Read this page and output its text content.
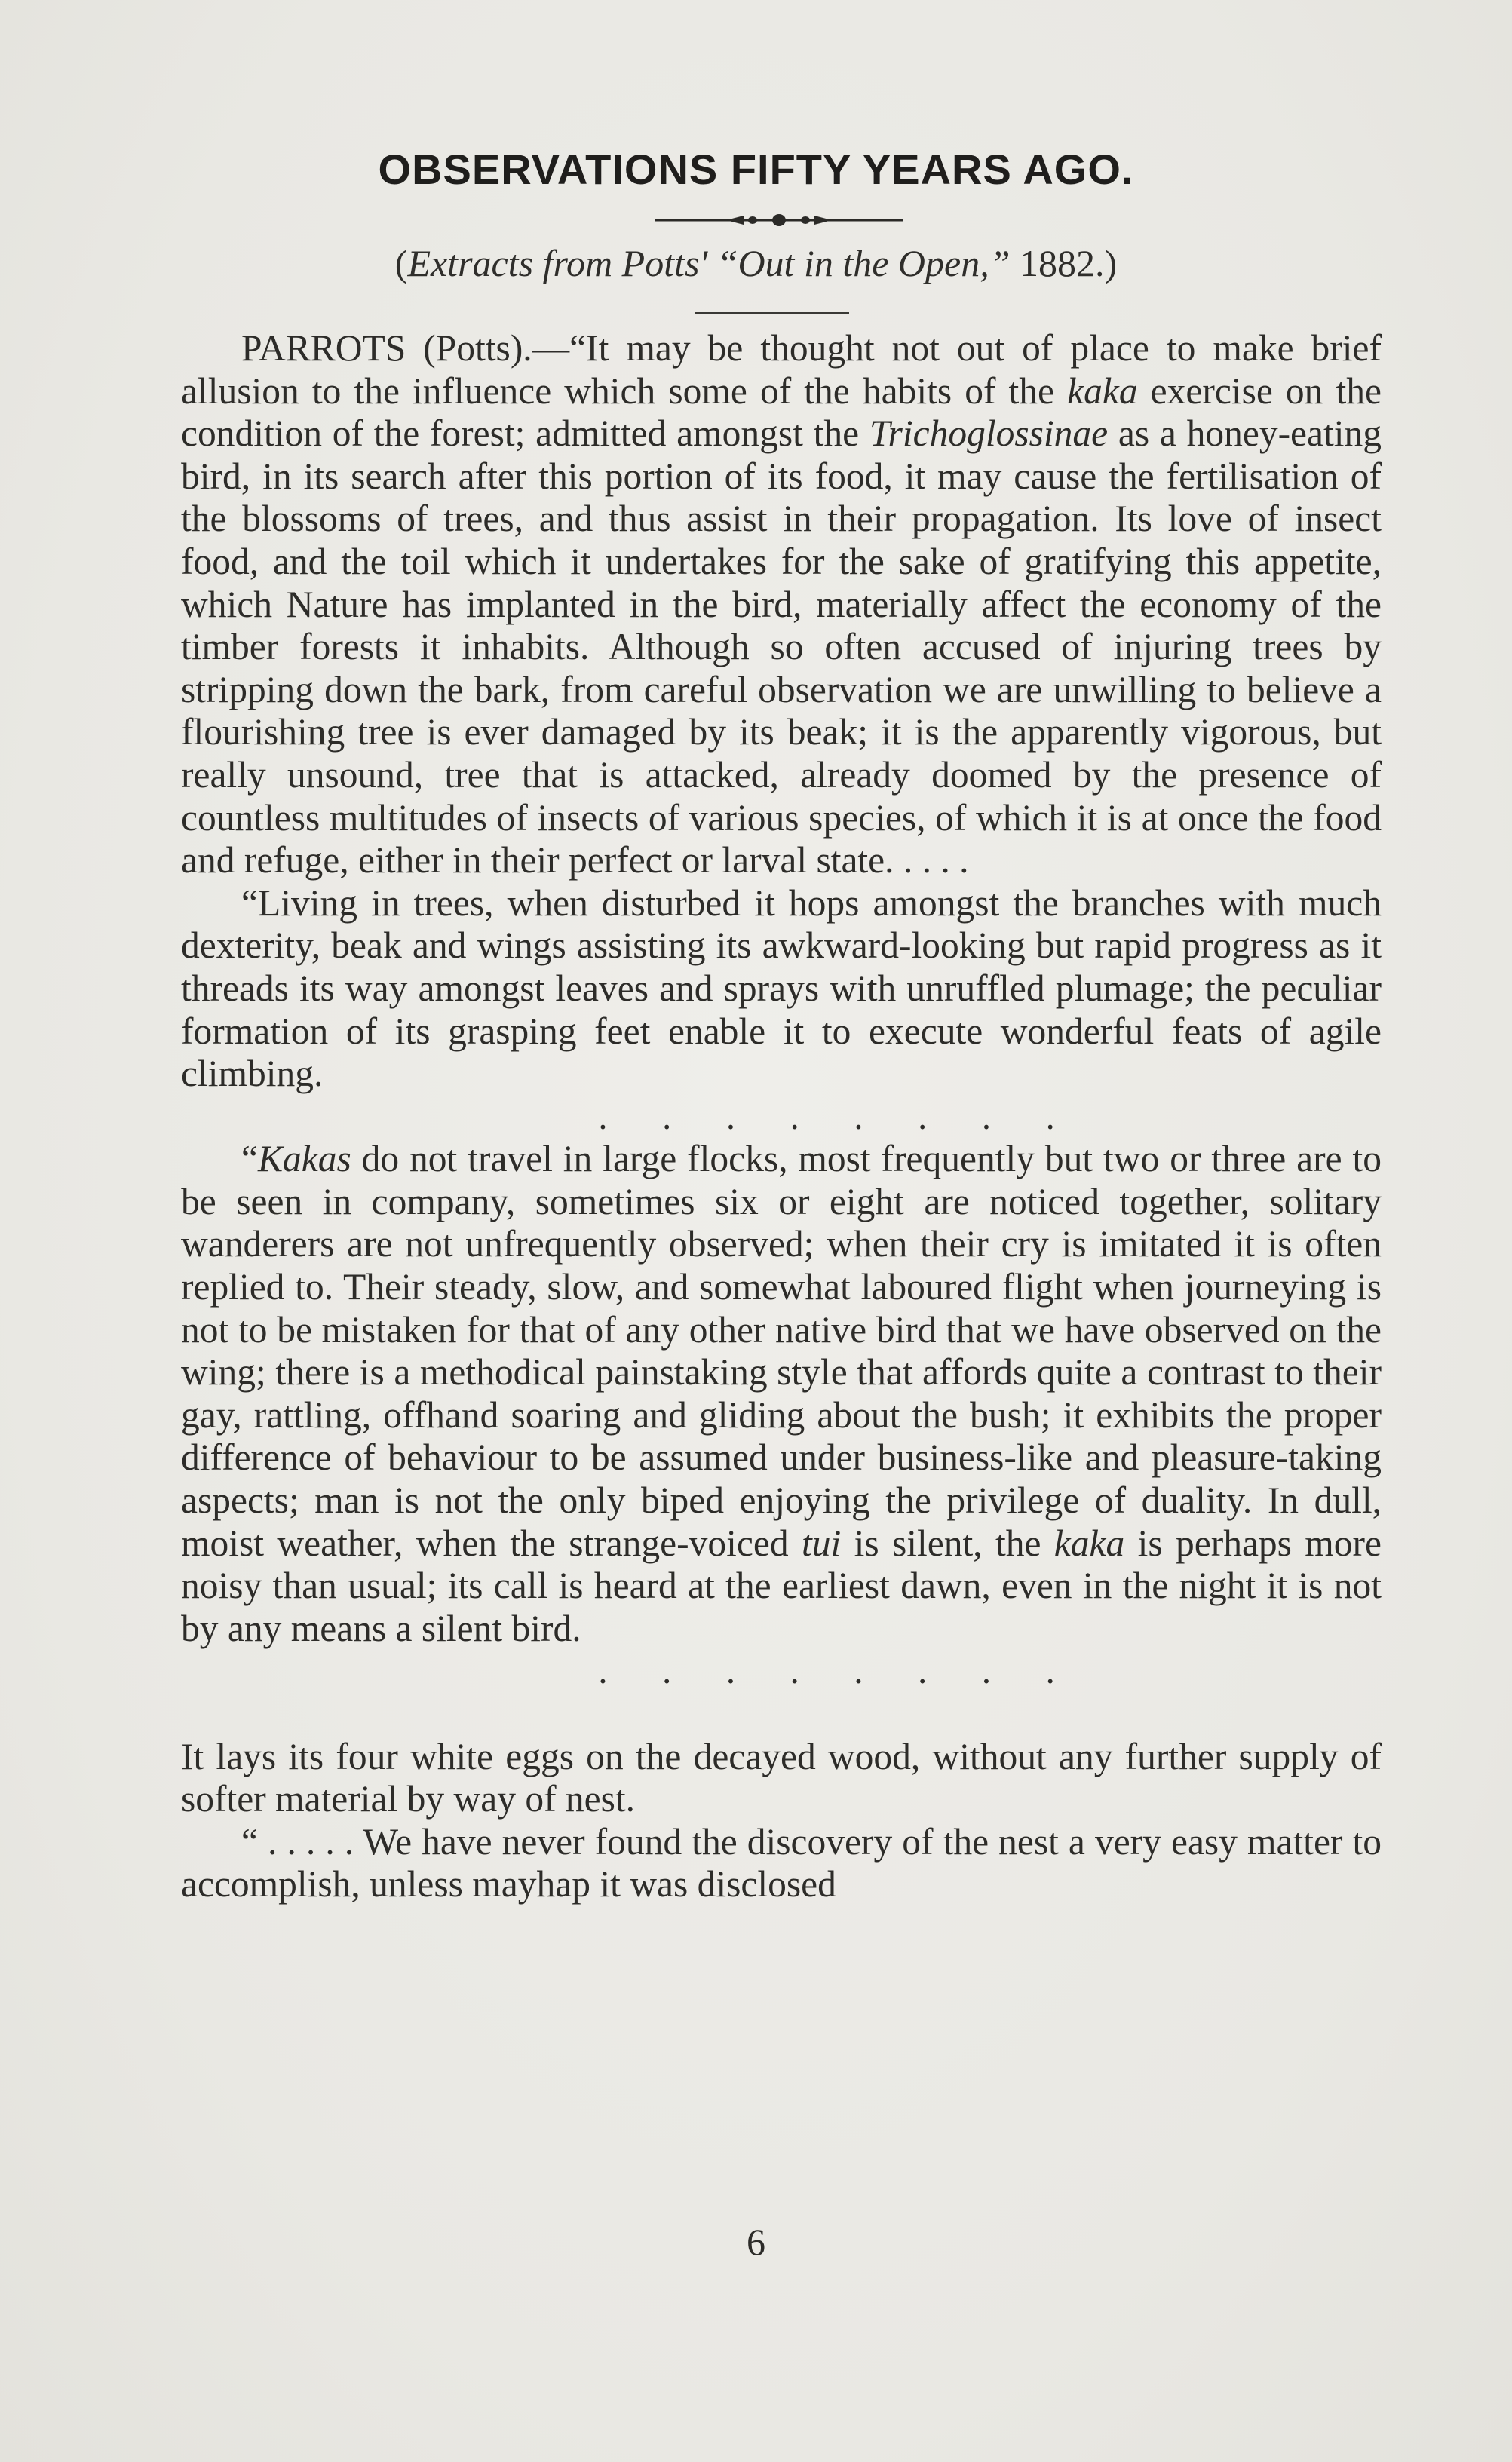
OBSERVATIONS FIFTY YEARS AGO.

(Extracts from Potts' “Out in the Open,” 1882.)

PARROTS (Potts).—“It may be thought not out of place to make brief allusion to the influence which some of the habits of the kaka exercise on the condition of the forest; admitted amongst the Trichoglossinae as a honey-eating bird, in its search after this portion of its food, it may cause the fertilisation of the blossoms of trees, and thus assist in their propagation. Its love of insect food, and the toil which it undertakes for the sake of gratifying this appetite, which Nature has implanted in the bird, materially affect the economy of the timber forests it inhabits. Although so often accused of injuring trees by stripping down the bark, from careful observation we are unwilling to believe a flourishing tree is ever damaged by its beak; it is the apparently vigorous, but really unsound, tree that is attacked, already doomed by the presence of countless multitudes of insects of various species, of which it is at once the food and refuge, either in their perfect or larval state. . . . .

“Living in trees, when disturbed it hops amongst the branches with much dexterity, beak and wings assisting its awkward-looking but rapid progress as it threads its way amongst leaves and sprays with unruffled plumage; the peculiar formation of its grasping feet enable it to execute wonderful feats of agile climbing.

. . . . . . . .

“Kakas do not travel in large flocks, most frequently but two or three are to be seen in company, sometimes six or eight are noticed together, solitary wanderers are not unfrequently observed; when their cry is imitated it is often replied to. Their steady, slow, and somewhat laboured flight when journeying is not to be mistaken for that of any other native bird that we have observed on the wing; there is a methodical painstaking style that affords quite a contrast to their gay, rattling, offhand soaring and gliding about the bush; it exhibits the proper difference of behaviour to be assumed under business-like and pleasure-taking aspects; man is not the only biped enjoying the privilege of duality. In dull, moist weather, when the strange-voiced tui is silent, the kaka is perhaps more noisy than usual; its call is heard at the earliest dawn, even in the night it is not by any means a silent bird.

. . . . . . . .

It lays its four white eggs on the decayed wood, without any further supply of softer material by way of nest.

“ . . . . . We have never found the discovery of the nest a very easy matter to accomplish, unless mayhap it was disclosed

6
